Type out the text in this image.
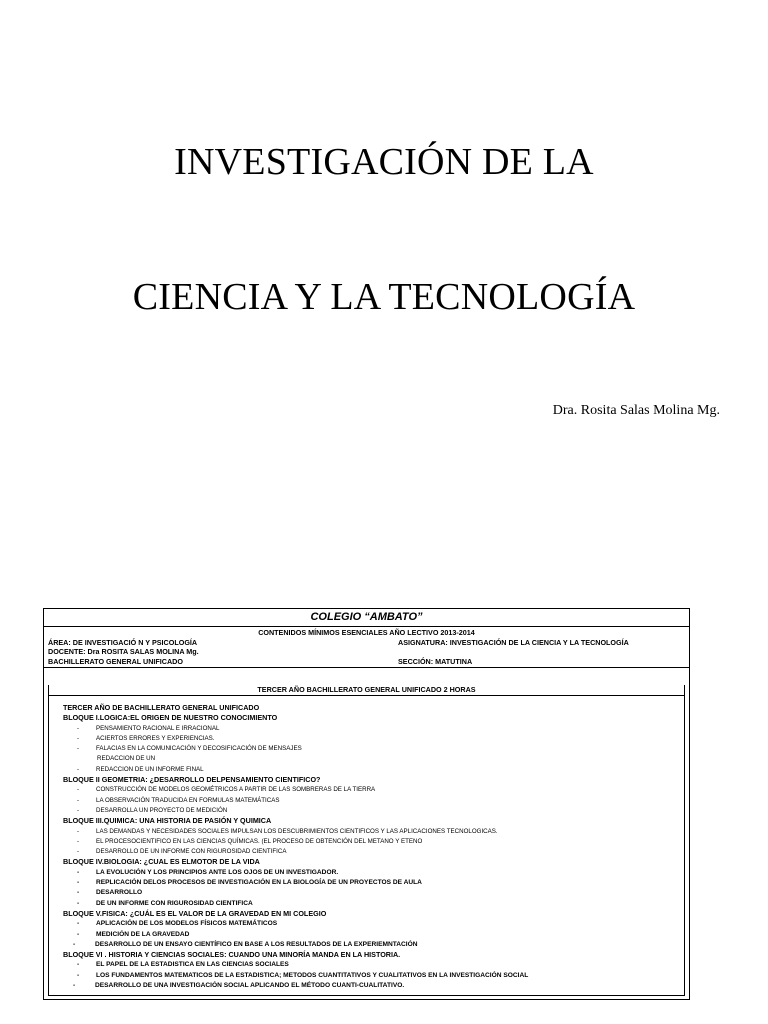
INVESTIGACIÓN DE LA
CIENCIA Y LA TECNOLOGÍA
Dra. Rosita Salas Molina Mg.
COLEGIO “AMBATO”
CONTENIDOS MÍNIMOS ESENCIALES AÑO LECTIVO 2013-2014
ÁREA: DE INVESTIGACIÓ N Y PSICOLOGÍA	ASIGNATURA: INVESTIGACIÓN DE LA CIENCIA Y LA TECNOLOGÍA
DOCENTE: Dra ROSITA SALAS MOLINA Mg.
BACHILLERATO GENERAL UNIFICADO	SECCIÓN: MATUTINA
TERCER AÑO BACHILLERATO GENERAL UNIFICADO 2 HORAS
TERCER AÑO DE BACHILLERATO GENERAL UNIFICADO
BLOQUE I.LOGICA:EL ORIGEN DE NUESTRO CONOCIMIENTO
-	PENSAMIENTO RACIONAL E IRRACIONAL
-	ACIERTOS ERRORES Y EXPERIENCIAS.
-	FALACIAS EN LA COMUNICACIÓN Y DECOSIFICACIÓN DE MENSAJES
REDACCION DE UN
-	REDACCION DE UN INFORME FINAL
BLOQUE II GEOMETRIA: ¿DESARROLLO DELPENSAMIENTO CIENTIFICO?
-	CONSTRUCCIÓN DE MODELOS GEOMÉTRICOS A PARTIR DE LAS SOMBRERAS DE LA TIERRA
-	LA OBSERVACIÓN TRADUCIDA EN FORMULAS MATEMÁTICAS
-	DESARROLLA UN PROYECTO DE MEDICIÓN
BLOQUE III.QUIMICA: UNA HISTORIA DE PASIÓN Y QUIMICA
-	LAS DEMANDAS Y NECESIDADES SOCIALES IMPULSAN LOS DESCUBRIMIENTOS CIENTIFICOS Y LAS APLICACIONES TECNOLOGICAS.
-	EL PROCESOCIENTIFICO EN LAS CIENCIAS QUÍMICAS. (EL PROCESO DE OBTENCIÓN DEL METANO Y ETENO
-	DESARROLLO DE UN INFORME CON RIGUROSIDAD CIENTIFICA
BLOQUE IV.BIOLOGIA: ¿CUAL ES ELMOTOR DE LA VIDA
-	LA EVOLUCIÓN Y LOS PRINCIPIOS ANTE LOS OJOS DE UN INVESTIGADOR.
-	REPLICACIÓN DELOS PROCESOS DE INVESTIGACIÓN EN LA BIOLOGÍA DE UN PROYECTOS DE AULA
-	DESARROLLO
-	DE UN INFORME CON RIGUROSIDAD CIENTIFICA
BLOQUE V.FISICA: ¿CUÁL ES EL VALOR DE LA GRAVEDAD EN MI COLEGIO
-	APLICACIÓN DE LOS MODELOS FÍSICOS MATEMÁTICOS
-	MEDICIÓN DE LA GRAVEDAD
-	DESARROLLO DE UN ENSAYO CIENTÍFICO EN BASE A LOS RESULTADOS DE LA EXPERIEMNTACIÓN
BLOQUE VI . HISTORIA Y CIENCIAS SOCIALES: CUANDO UNA MINORÍA MANDA EN LA HISTORIA.
-	EL PAPEL DE LA ESTADISTICA EN LAS CIENCIAS SOCIALES
-	LOS FUNDAMENTOS MATEMATICOS DE LA ESTADISTICA; METODOS CUANTITATIVOS Y CUALITATIVOS EN LA INVESTIGACIÓN SOCIAL
-	DESARROLLO DE UNA INVESTIGACIÓN SOCIAL APLICANDO EL MÉTODO CUANTI-CUALITATIVO.
